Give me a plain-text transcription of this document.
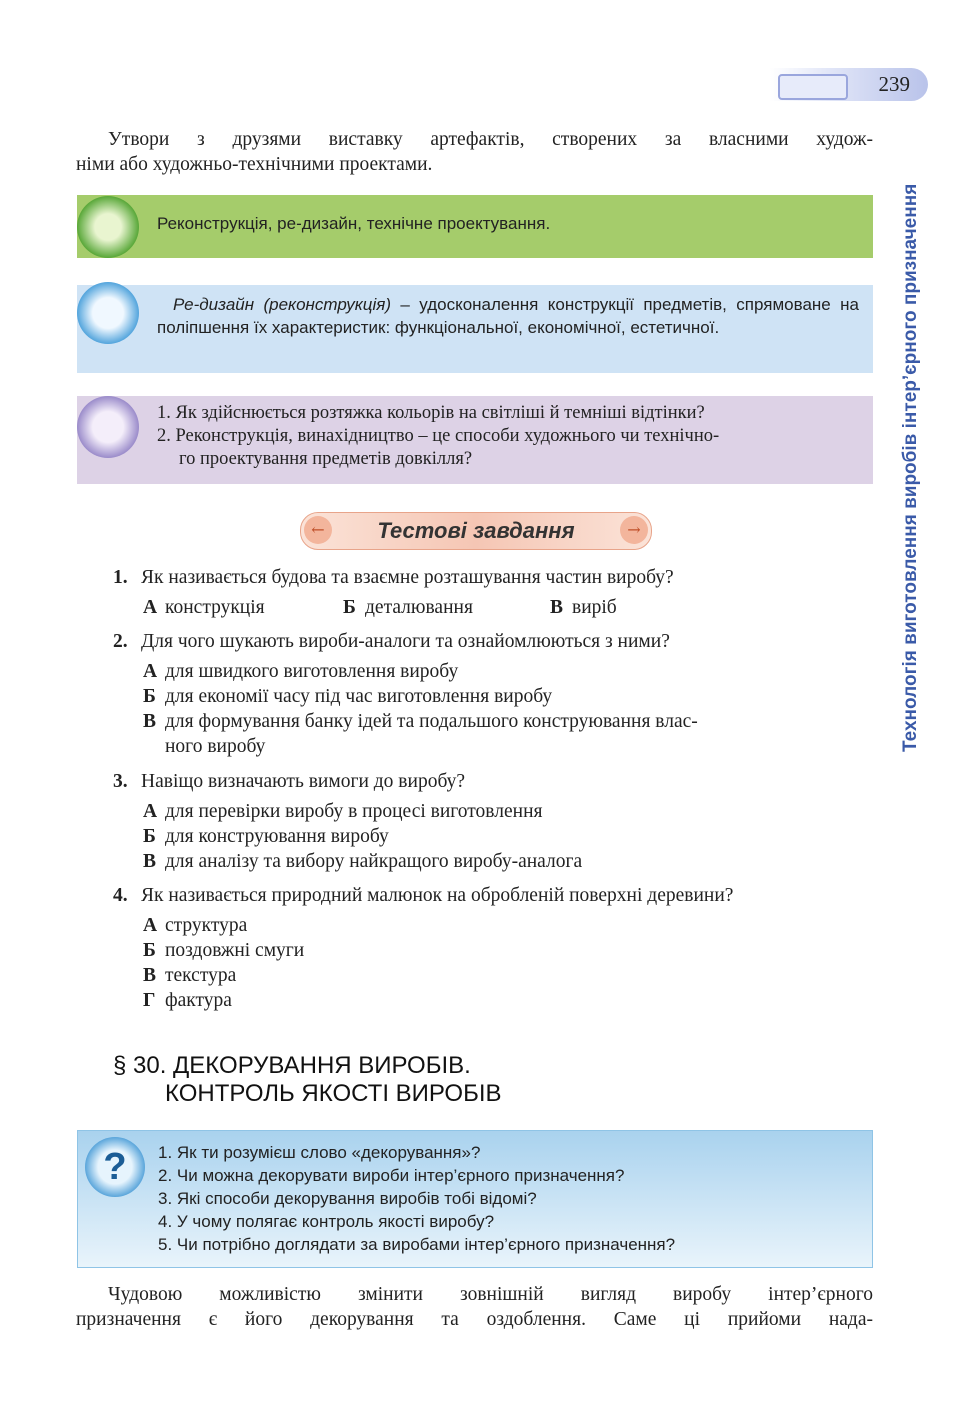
239
Технологія виготовлення виробів інтер’єрного призначення
Утвори з друзями виставку артефактів, створених за власними худож-
німи або художньо-технічними проектами.
Реконструкція, ре-дизайн, технічне проектування.
Ре-дизайн (реконструкція) – удосконалення конструкції предметів, спрямоване на поліпшення їх характеристик: функціональної, економічної, естетичної.
1. Як здійснюється розтяжка кольорів на світліші й темніші відтінки?
2. Реконструкція, винахідництво – це способи художнього чи технічно-
го проектування предметів довкілля?
←	Тестові завдання	→
1. Як називається будова та взаємне розташування частин виробу?
А конструкція	Б деталювання	В виріб
2. Для чого шукають вироби-аналоги та ознайомлюються з ними?
А для швидкого виготовлення виробу
Б для економії часу під час виготовлення виробу
В для формування банку ідей та подальшого конструювання влас-
ного виробу
3. Навіщо визначають вимоги до виробу?
А для перевірки виробу в процесі виготовлення
Б для конструювання виробу
В для аналізу та вибору найкращого виробу-аналога
4. Як називається природний малюнок на обробленій поверхні деревини?
А структура
Б поздовжні смуги
В текстура
Г фактура
§ 30. ДЕКОРУВАННЯ ВИРОБІВ.
КОНТРОЛЬ ЯКОСТІ ВИРОБІВ
?	1. Як ти розумієш слово «декорування»?
2. Чи можна декорувати вироби інтер’єрного призначення?
3. Які способи декорування виробів тобі відомі?
4. У чому полягає контроль якості виробу?
5. Чи потрібно доглядати за виробами інтер’єрного призначення?
Чудовою можливістю змінити зовнішній вигляд виробу інтер’єрного
призначення є його декорування та оздоблення. Саме ці прийоми нада-
